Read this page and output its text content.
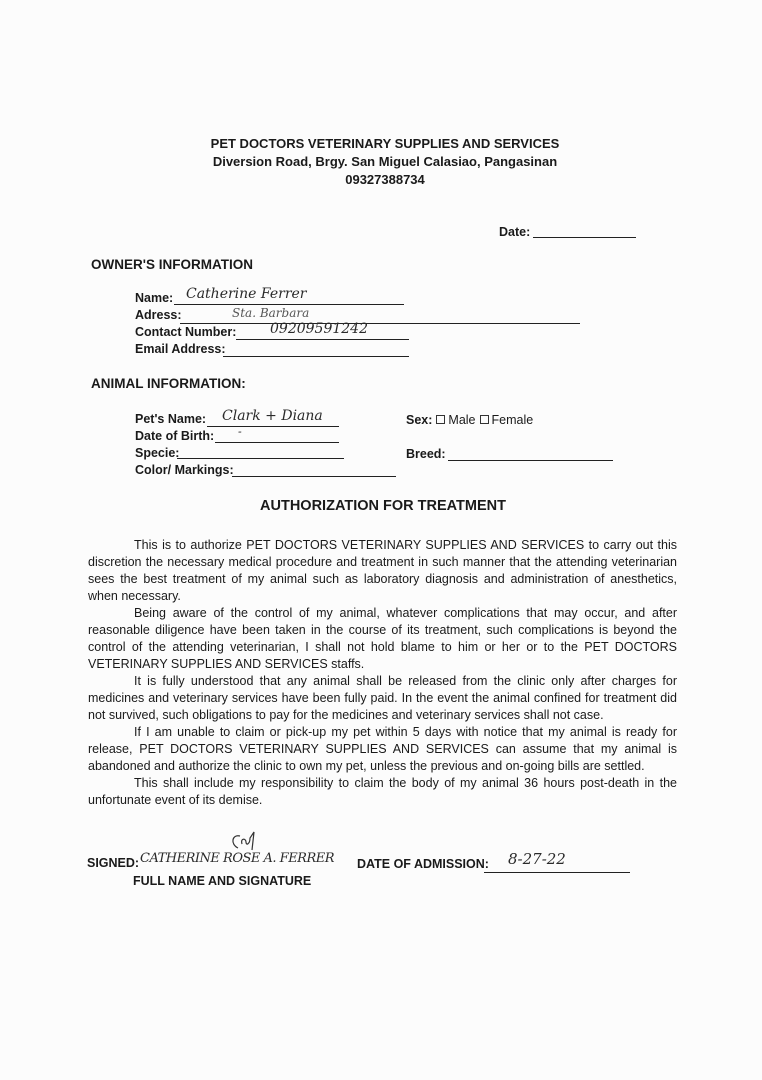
PET DOCTORS VETERINARY SUPPLIES AND SERVICES
Diversion Road, Brgy. San Miguel Calasiao, Pangasinan
09327388734
Date:
OWNER'S INFORMATION
Name: Catherine Ferrer
Adress:	Sta. Barbara
Contact Number: 09209591242
Email Address:
ANIMAL INFORMATION:
Pet's Name: Clark + Diana
Date of Birth: -
Specie:
Color/ Markings:
Sex: Male Female
Breed:
AUTHORIZATION FOR TREATMENT

This is to authorize PET DOCTORS VETERINARY SUPPLIES AND SERVICES to carry out this discretion the necessary medical procedure and treatment in such manner that the attending veterinarian sees the best treatment of my animal such as laboratory diagnosis and administration of anesthetics, when necessary.

Being aware of the control of my animal, whatever complications that may occur, and after reasonable diligence have been taken in the course of its treatment, such complications is beyond the control of the attending veterinarian, I shall not hold blame to him or her or to the PET DOCTORS VETERINARY SUPPLIES AND SERVICES staffs.

It is fully understood that any animal shall be released from the clinic only after charges for medicines and veterinary services have been fully paid. In the event the animal confined for treatment did not survived, such obligations to pay for the medicines and veterinary services shall not case.

If I am unable to claim or pick-up my pet within 5 days with notice that my animal is ready for release, PET DOCTORS VETERINARY SUPPLIES AND SERVICES can assume that my animal is abandoned and authorize the clinic to own my pet, unless the previous and on-going bills are settled.

This shall include my responsibility to claim the body of my animal 36 hours post-death in the unfortunate event of its demise.

SIGNED: CATHERINE ROSE A. FERRER
FULL NAME AND SIGNATURE
DATE OF ADMISSION: 8-27-22
